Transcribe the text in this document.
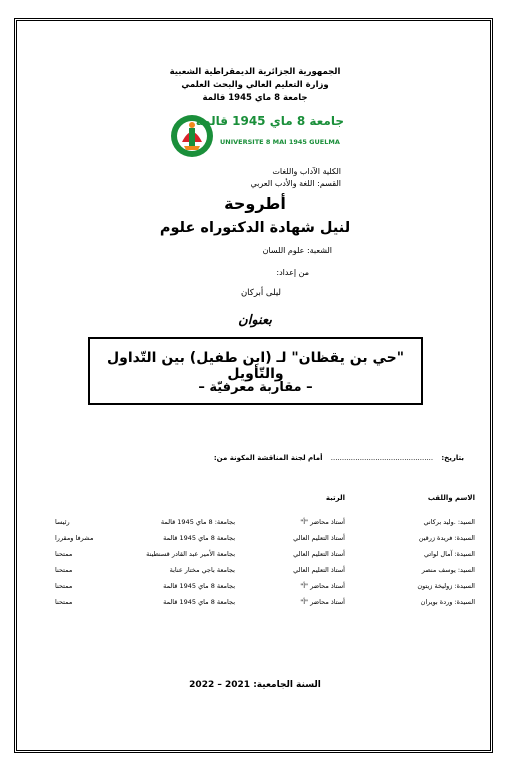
الجمهورية الجزائرية الديمقراطية الشعبية
وزارة التعليم العالي والبحث العلمي
جامعة 8 ماي 1945 قالمة
جامعة 8 ماي 1945 قالمة
UNIVERSITE 8 MAI 1945 GUELMA
الكلية الآداب واللغات
القسم: اللغة والأدب العربي
أطروحة
لنيل شهادة الدكتوراه علوم
الشعبة: علوم اللسان
من إعداد:
ليلى أبركان
بعنوان
"حي بن يقظان" لـ (ابن طفيل) بين التّداول والتّأويل
– مقاربة معرفيّة –
بتاريخ: .............................................. أمام لجنة المناقشة المكونة من:
الاسم واللقب
الرتبة
السيد: .وليد بركاني
أستاذ محاضر "أ"
بجامعة: 8 ماي 1945 قالمة
رئيسا
السيدة: فريدة زرقين
أستاذ التعليم العالي
بجامعة 8 ماي 1945 قالمة
مشرفا ومقررا
السيدة: آمال لواتي
أستاذ التعليم العالي
بجامعة الأمير عبد القادر قسنطينة
ممتحنا
السيد: يوسف منصر
أستاذ التعليم العالي
بجامعة باجي مختار عنابة
ممتحنا
السيدة: زوليخة زيتون
أستاذ محاضر "أ"
بجامعة 8 ماي 1945 قالمة
ممتحنا
السيدة: وردة بويران
أستاذ محاضر "أ"
بجامعة 8 ماي 1945 قالمة
ممتحنا
السنة الجامعية: 2021 – 2022
